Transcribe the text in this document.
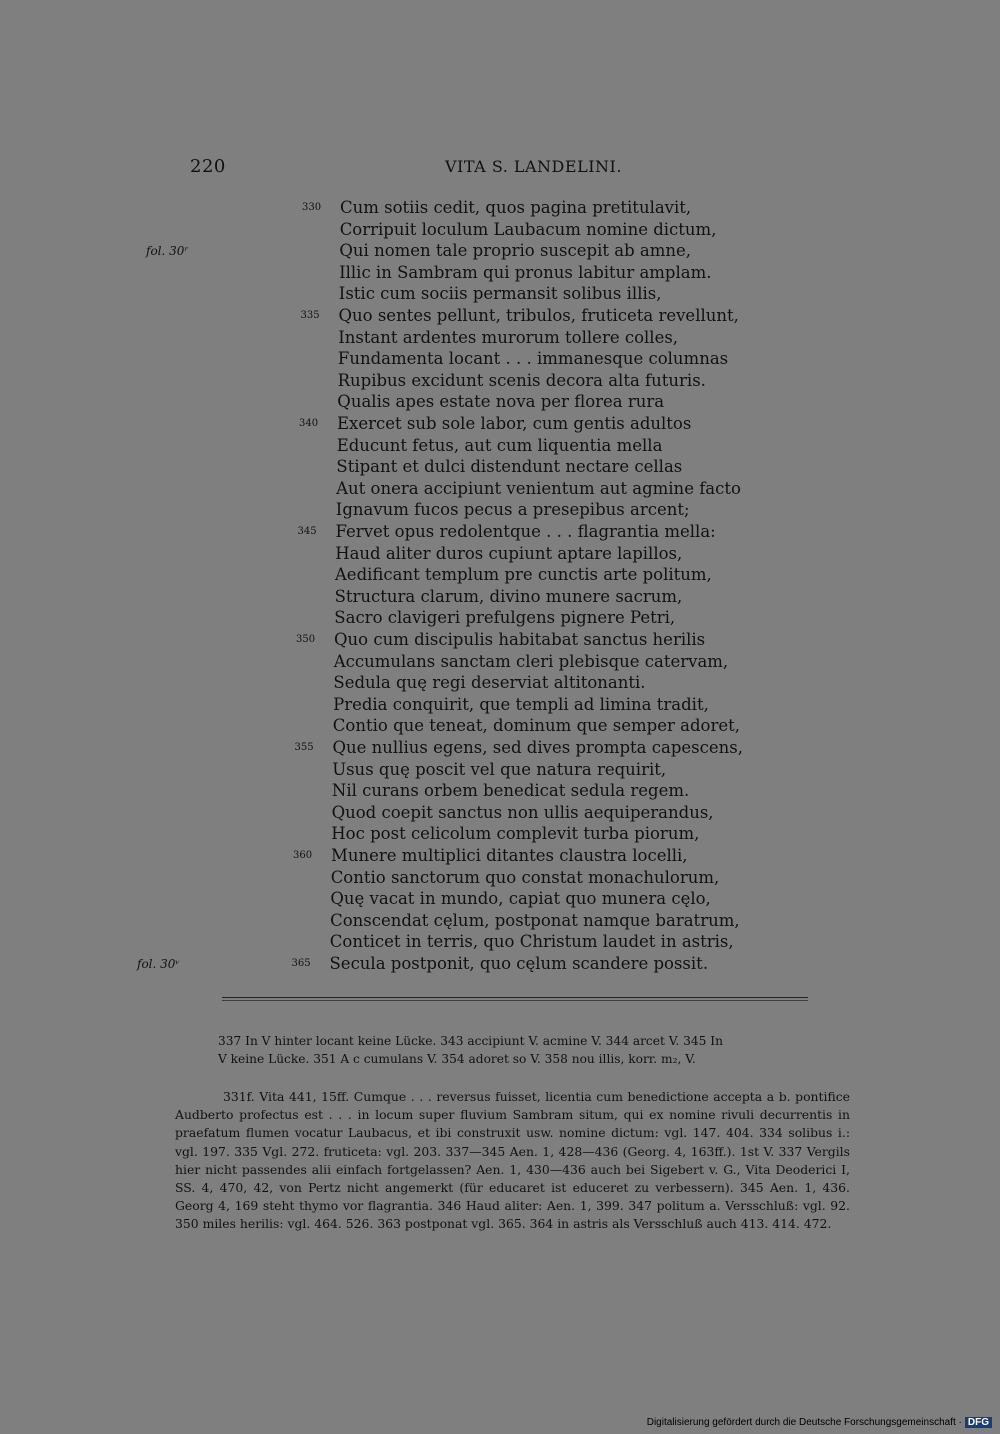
220	VITA S. LANDELINI.
fol. 30ʳ
fol. 30ᵛ
330 Cum sotiis cedit, quos pagina pretitulavit,
Corripuit loculum Laubacum nomine dictum,
Qui nomen tale proprio suscepit ab amne,
Illic in Sambram qui pronus labitur amplam.
Istic cum sociis permansit solibus illis,
335 Quo sentes pellunt, tribulos, fruticeta revellunt,
Instant ardentes murorum tollere colles,
Fundamenta locant . . . immanesque columnas
Rupibus excidunt scenis decora alta futuris.
Qualis apes estate nova per florea rura
340 Exercet sub sole labor, cum gentis adultos
Educunt fetus, aut cum liquentia mella
Stipant et dulci distendunt nectare cellas
Aut onera accipiunt venientum aut agmine facto
Ignavum fucos pecus a presepibus arcent;
345 Fervet opus redolentque . . . flagrantia mella:
Haud aliter duros cupiunt aptare lapillos,
Aedificant templum pre cunctis arte politum,
Structura clarum, divino munere sacrum,
Sacro clavigeri prefulgens pignere Petri,
350 Quo cum discipulis habitabat sanctus herilis
Accumulans sanctam cleri plebisque catervam,
Sedula quę regi deserviat altitonanti.
Predia conquirit, que templi ad limina tradit,
Contio que teneat, dominum que semper adoret,
355 Que nullius egens, sed dives prompta capescens,
Usus quę poscit vel que natura requirit,
Nil curans orbem benedicat sedula regem.
Quod coepit sanctus non ullis aequiperandus,
Hoc post celicolum complevit turba piorum,
360 Munere multiplici ditantes claustra locelli,
Contio sanctorum quo constat monachulorum,
Quę vacat in mundo, capiat quo munera cęlo,
Conscendat cęlum, postponat namque baratrum,
Conticet in terris, quo Christum laudet in astris,
365 Secula postponit, quo cęlum scandere possit.

337 In V hinter locant keine Lücke. 343 accipiunt V. acmine V. 344 arcet V. 345 In

V keine Lücke. 351 A c cumulans V. 354 adoret so V. 358 nou illis, korr. m₂, V.

331f. Vita 441, 15ff. Cumque . . . reversus fuisset, licentia cum benedictione accepta a b. pontifice Audberto profectus est . . . in locum super fluvium Sambram situm, qui ex nomine rivuli decurrentis in praefatum flumen vocatur Laubacus, et ibi construxit usw. nomine dictum: vgl. 147. 404. 334 solibus i.: vgl. 197. 335 Vgl. 272. fruticeta: vgl. 203. 337—345 Aen. 1, 428—436 (Georg. 4, 163ff.). 1st V. 337 Vergils hier nicht passendes alii einfach fortgelassen? Aen. 1, 430—436 auch bei Sigebert v. G., Vita Deoderici I, SS. 4, 470, 42, von Pertz nicht angemerkt (für educaret ist educeret zu verbessern). 345 Aen. 1, 436. Georg 4, 169 steht thymo vor flagrantia. 346 Haud aliter: Aen. 1, 399. 347 politum a. Versschluß: vgl. 92. 350 miles herilis: vgl. 464. 526. 363 postponat vgl. 365. 364 in astris als Versschluß auch 413. 414. 472.

Digitalisierung gefördert durch die Deutsche Forschungsgemeinschaft · DFG
